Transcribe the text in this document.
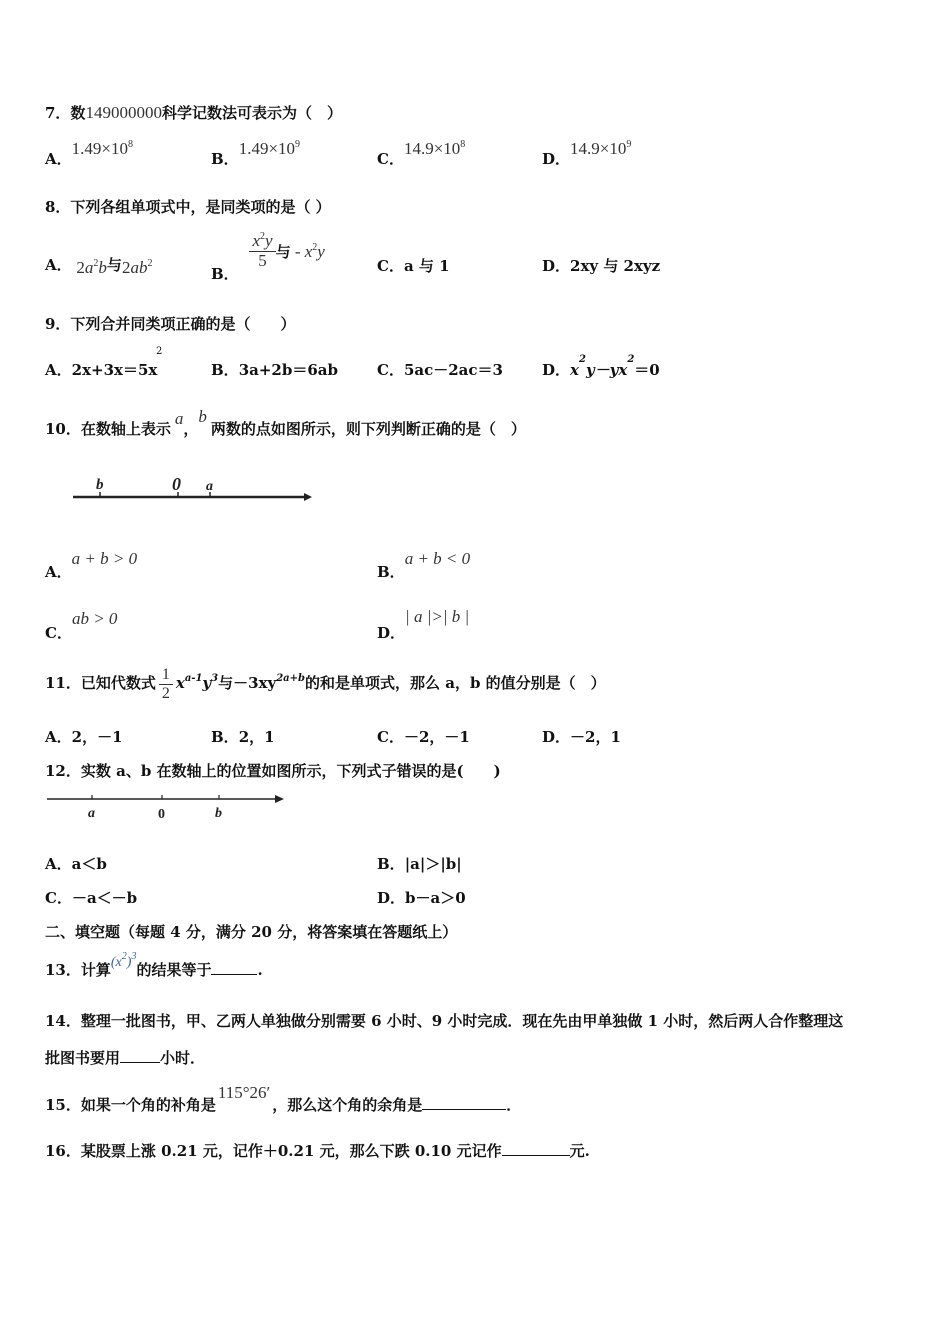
7．数149000000科学记数法可表示为（　）
A．$1.49\times 10^8$
B．$1.49\times 10^9$
C．$14.9\times 10^8$
D．$14.9\times 10^9$
8．下列各组单项式中，是同类项的是（ ）
A． $2a^2b$与$2ab^2$
B．
$\frac{x^2y}{5}$ 与 - $x^2y$
C．a 与 1	D．2xy 与 2xyz
9．下列合并同类项正确的是（　　）
A．2x+3x＝5x
2
B．3a+2b＝6ab	C．5ac－2ac＝3	D．$x^2y-yx^2=0$
10．在数轴上表示a，b两数的点如图所示，则下列判断正确的是（　）
b	0 a
A．a + b > 0
B．a + b < 0
C．ab > 0
D．| a |>| b |
11．已知代数式 $\frac{1}{2} x^{a-1}y^3$与$-3xy^{2a+b}$的和是单项式，那么 a，b 的值分别是（　）
A．2，－1	B．2，1	C．－2，－1	D．－2，1
12．实数 a、b 在数轴上的位置如图所示，下列式子错误的是(　　)
a	0	b
A．a＜b	B．|a|＞|b|
C．－a＜－b	D．b－a＞0
二、填空题（每题 4 分，满分 20 分，将答案填在答题纸上）
13．计算$(x^2)^3$的结果等于	.
14．整理一批图书，甲、乙两人单独做分别需要 6 小时、9 小时完成．现在先由甲单独做 1 小时，然后两人合作整理这
批图书要用	小时．
15．如果一个角的补角是115°26′，那么这个角的余角是	．
16．某股票上涨 0.21 元，记作＋0.21 元，那么下跌 0.10 元记作	元.
